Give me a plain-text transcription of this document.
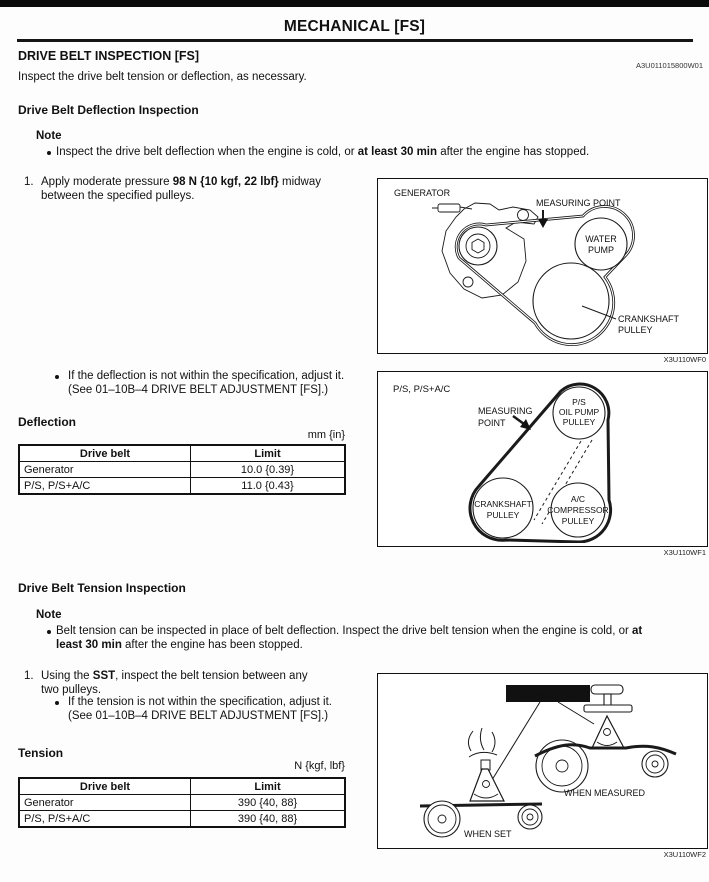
MECHANICAL [FS]
DRIVE BELT INSPECTION [FS]
A3U011015800W01
Inspect the drive belt tension or deflection, as necessary.
Drive Belt Deflection Inspection
Note
Inspect the drive belt deflection when the engine is cold, or at least 30 min after the engine has stopped.
1. Apply moderate pressure 98 N {10 kgf, 22 lbf} midway between the specified pulleys.
If the deflection is not within the specification, adjust it. (See 01–10B–4 DRIVE BELT ADJUSTMENT [FS].)
Deflection
mm {in}
Drive belt	Limit
Generator	10.0 {0.39}
P/S, P/S+A/C	11.0 {0.43}
GENERATOR
MEASURING POINT
WATER
PUMP
CRANKSHAFT
PULLEY
X3U110WF0
P/S, P/S+A/C
MEASURING
POINT
P/S
OIL PUMP
PULLEY
CRANKSHAFT
PULLEY
A/C
COMPRESSOR
PULLEY
X3U110WF1
Drive Belt Tension Inspection
Note
Belt tension can be inspected in place of belt deflection. Inspect the drive belt tension when the engine is cold, or at least 30 min after the engine has been stopped.
1. Using the SST, inspect the belt tension between any two pulleys.
If the tension is not within the specification, adjust it. (See 01–10B–4 DRIVE BELT ADJUSTMENT [FS].)
Tension
N {kgf, lbf}
Drive belt	Limit
Generator	390 {40, 88}
P/S, P/S+A/C	390 {40, 88}
49 9200 020A
WHEN SET
WHEN MEASURED
X3U110WF2
